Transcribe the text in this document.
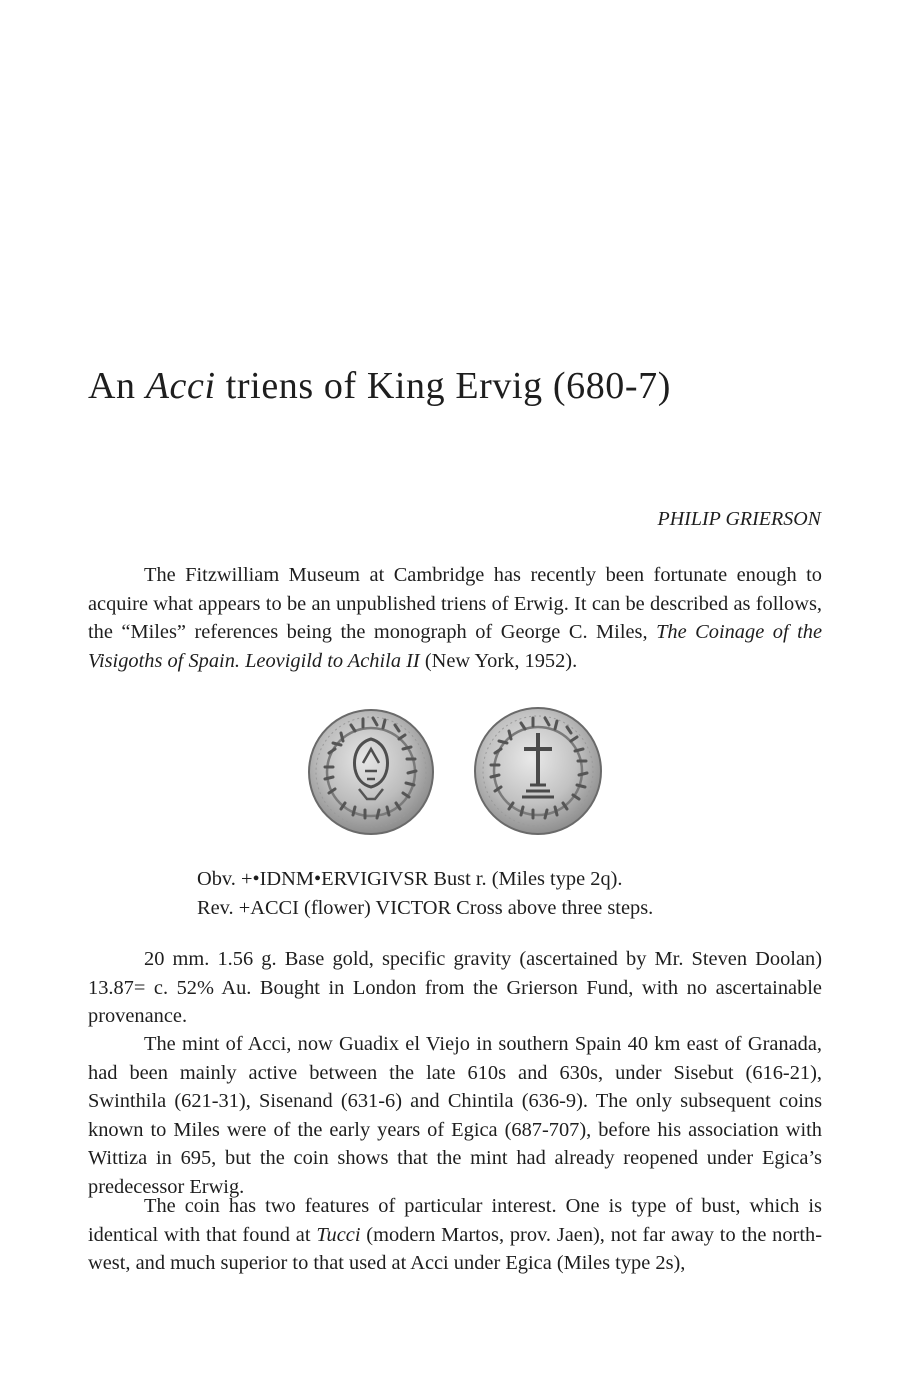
An Acci triens of King Ervig (680-7)

PHILIP GRIERSON

The Fitzwilliam Museum at Cambridge has recently been fortunate enough to acquire what appears to be an unpublished triens of Erwig. It can be described as follows, the “Miles” references being the monograph of George C. Miles, The Coinage of the Visigoths of Spain. Leovigild to Achila II (New York, 1952).

Obv. +•IDNM•ERVIGIVSR Bust r. (Miles type 2q).

Rev. +ACCI (flower) VICTOR Cross above three steps.

20 mm. 1.56 g. Base gold, specific gravity (ascertained by Mr. Steven Doolan) 13.87= c. 52% Au. Bought in London from the Grierson Fund, with no ascertainable provenance.

The mint of Acci, now Guadix el Viejo in southern Spain 40 km east of Granada, had been mainly active between the late 610s and 630s, under Sisebut (616-21), Swinthila (621-31), Sisenand (631-6) and Chintila (636-9). The only subsequent coins known to Miles were of the early years of Egica (687-707), before his association with Wittiza in 695, but the coin shows that the mint had already reopened under Egica’s predecessor Erwig.

The coin has two features of particular interest. One is type of bust, which is identical with that found at Tucci (modern Martos, prov. Jaen), not far away to the north-west, and much superior to that used at Acci under Egica (Miles type 2s),
